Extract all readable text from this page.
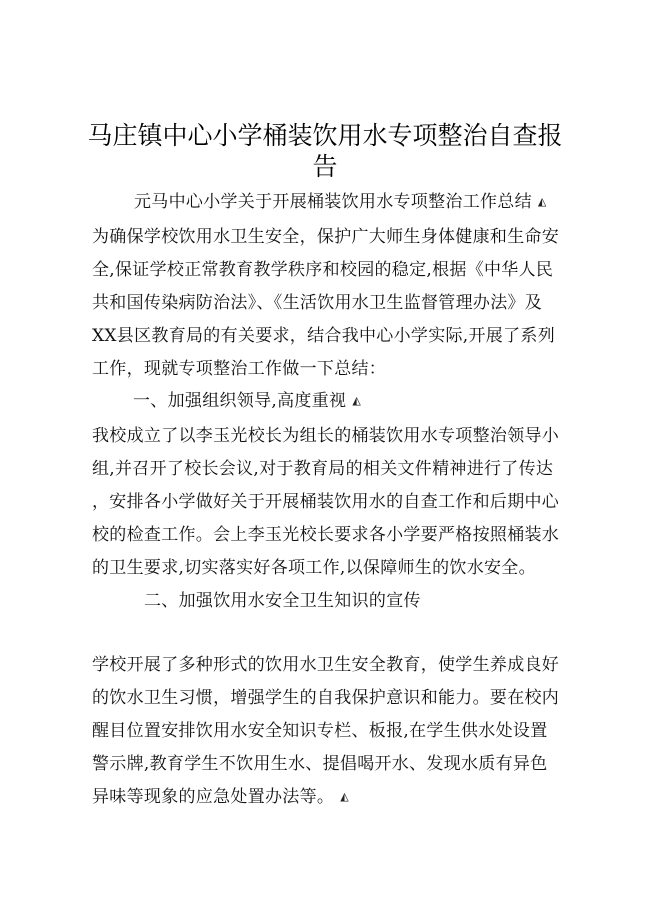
马庄镇中心小学桶装饮用水专项整治自查报
告
元马中心小学关于开展桶装饮用水专项整治工作总结 ◭
为确保学校饮用水卫生安全，保护广大师生身体健康和生命安
全,保证学校正常教育教学秩序和校园的稳定,根据《中华人民
共和国传染病防治法》、《生活饮用水卫生监督管理办法》及
XX县区教育局的有关要求，结合我中心小学实际,开展了系列
工作，现就专项整治工作做一下总结：
一、加强组织领导,高度重视 ◭
我校成立了以李玉光校长为组长的桶装饮用水专项整治领导小
组,并召开了校长会议,对于教育局的相关文件精神进行了传达
，安排各小学做好关于开展桶装饮用水的自查工作和后期中心
校的检查工作。会上李玉光校长要求各小学要严格按照桶装水
的卫生要求,切实落实好各项工作,以保障师生的饮水安全。
二、加强饮用水安全卫生知识的宣传
学校开展了多种形式的饮用水卫生安全教育，使学生养成良好
的饮水卫生习惯，增强学生的自我保护意识和能力。要在校内
醒目位置安排饮用水安全知识专栏、板报,在学生供水处设置
警示牌,教育学生不饮用生水、提倡喝开水、发现水质有异色
异味等现象的应急处置办法等。 ◭
